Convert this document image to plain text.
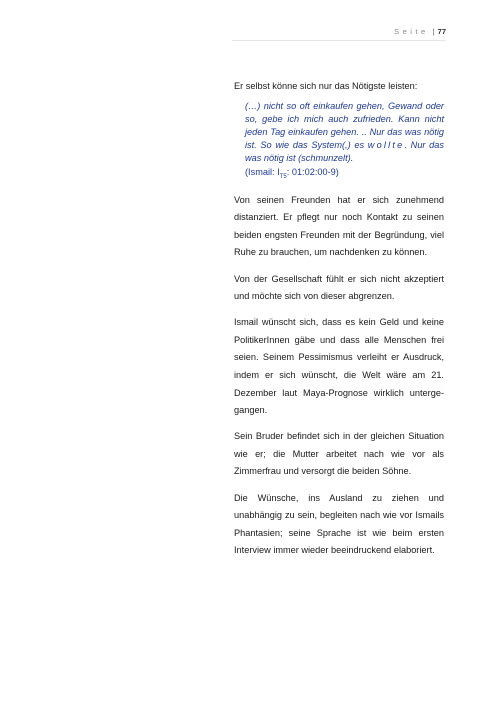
Seite | 77

Er selbst könne sich nur das Nötigste leisten:

(…) nicht so oft einkaufen gehen, Gewand oder so, gebe ich mich auch zufrieden. Kann nicht jeden Tag einkaufen gehen. .. Nur das was nötig ist. So wie das System(,) es wollte. Nur das was nötig ist (schmunzelt).
(Ismail: $I_{T5}$: 01:02:00-9)

Von seinen Freunden hat er sich zunehmend distanziert. Er pflegt nur noch Kontakt zu seinen beiden engsten Freunden mit der Begründung, viel Ruhe zu brauchen, um nachdenken zu können.

Von der Gesellschaft fühlt er sich nicht akzeptiert und möchte sich von dieser abgrenzen.

Ismail wünscht sich, dass es kein Geld und keine PolitikerInnen gäbe und dass alle Menschen frei seien. Seinem Pessimismus verleiht er Ausdruck, indem er sich wünscht, die Welt wäre am 21. Dezember laut Maya-Prognose wirklich unterge-gangen.

Sein Bruder befindet sich in der gleichen Situation wie er; die Mutter arbeitet nach wie vor als Zimmerfrau und versorgt die beiden Söhne.

Die Wünsche, ins Ausland zu ziehen und unabhängig zu sein, begleiten nach wie vor Ismails Phantasien; seine Sprache ist wie beim ersten Interview immer wieder beeindruckend elaboriert.
